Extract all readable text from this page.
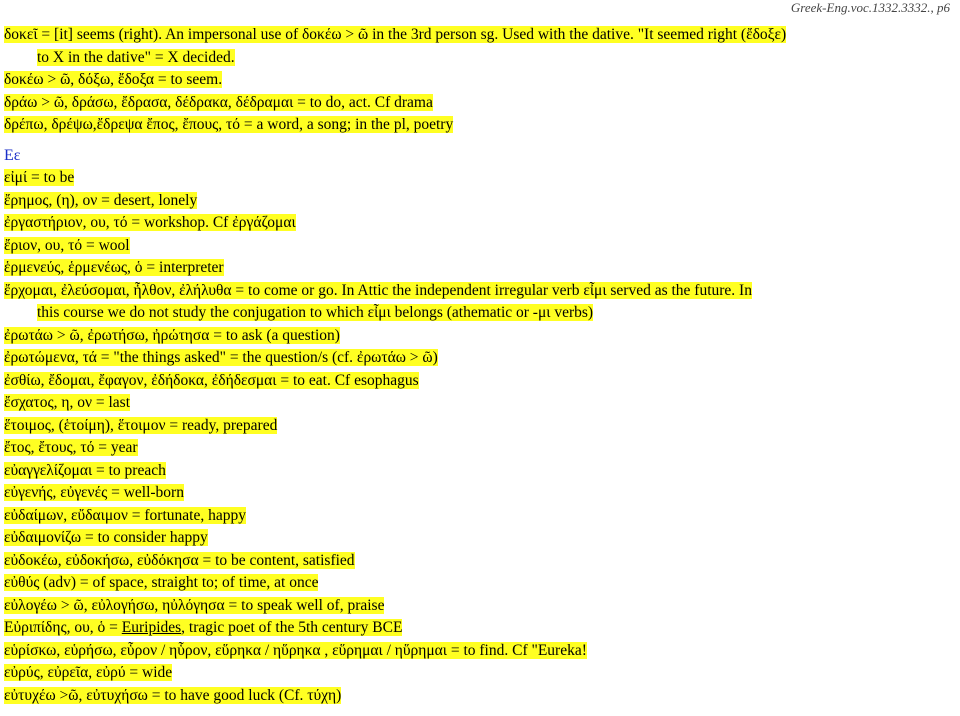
Greek-Eng.voc.1332.3332., p6
δοκεῖ = [it] seems (right). An impersonal use of δοκέω > ῶ in the 3rd person sg. Used with the dative. "It seemed right (ἔδοξε)
to X in the dative" = X decided.
δοκέω > ῶ, δόξω, ἔδοξα = to seem.
δράω > ῶ, δράσω, ἔδρασα, δέδρακα, δέδραμαι = to do, act. Cf drama
δρέπω, δρέψω,ἔδρεψα ἔπος, ἔπους, τό = a word, a song; in the pl, poetry
Εε
εἰμί = to be
ἔρημος, (η), ον = desert, lonely
ἐργαστήριον, ου, τό = workshop. Cf ἐργάζομαι
ἔριον, ου, τό = wool
ἑρμενεύς, ἑρμενέως, ὁ = interpreter
ἔρχομαι, ἐλεύσομαι, ἦλθον, ἐλήλυθα = to come or go. In Attic the independent irregular verb εἶμι served as the future. In
this course we do not study the conjugation to which εἶμι belongs (athematic or -μι verbs)
ἐρωτάω > ῶ, ἐρωτήσω, ἠρώτησα = to ask (a question)
ἐρωτώμενα, τά = "the things asked" = the question/s (cf. ἐρωτάω > ῶ)
ἐσθίω, ἔδομαι, ἔφαγον, ἐδήδοκα, ἐδήδεσμαι = to eat. Cf esophagus
ἔσχατος, η, ον = last
ἕτοιμος, (ἑτοίμη), ἕτοιμον = ready, prepared
ἔτος, ἔτους, τό = year
εὐαγγελίζομαι = to preach
εὐγενής, εὐγενές = well-born
εὐδαίμων, εὔδαιμον = fortunate, happy
εὐδαιμονίζω = to consider happy
εὐδοκέω, εὐδοκήσω, εὐδόκησα = to be content, satisfied
εὐθύς (adv) = of space, straight to; of time, at once
εὐλογέω > ῶ, εὐλογήσω, ηὐλόγησα = to speak well of, praise
Εὐριπίδης, ου, ὁ = Euripides, tragic poet of the 5th century BCE
εὑρίσκω, εὑρήσω, εὗρον / ηὗρον, εὕρηκα / ηὕρηκα , εὕρημαι / ηὕρημαι = to find. Cf "Eureka!
εὐρύς, εὐρεῖα, εὐρύ = wide
εὐτυχέω >ῶ, εὐτυχήσω = to have good luck (Cf. τύχη)
